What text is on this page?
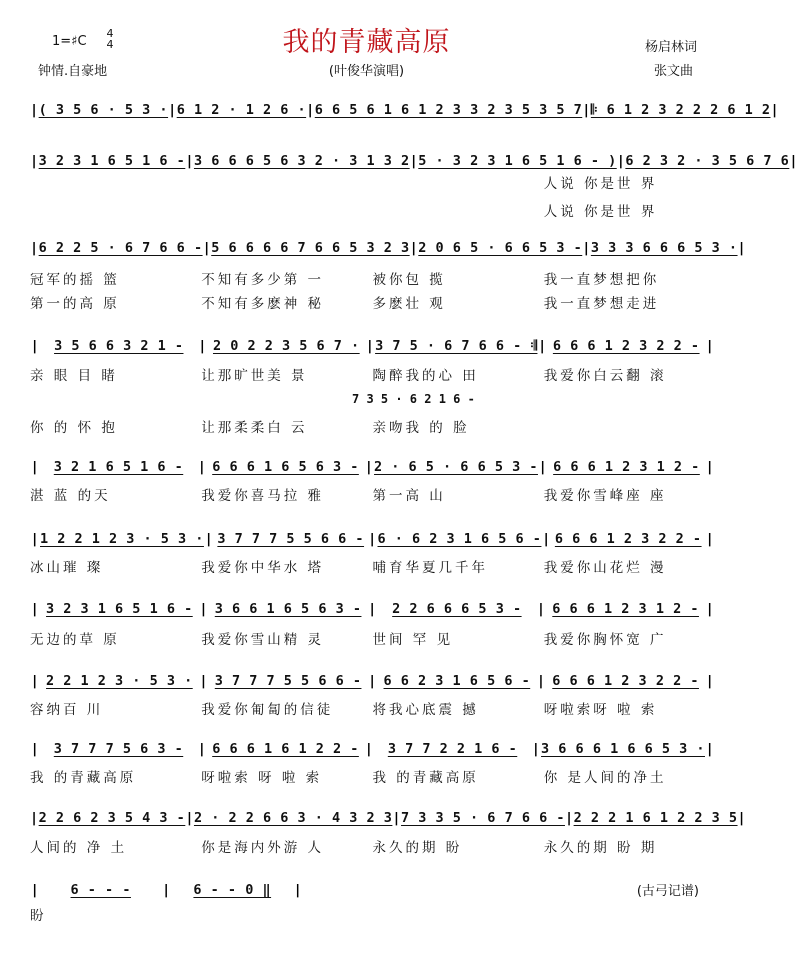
我的青藏高原
1=♯C
4
4
钟情.自豪地	(叶俊华演唱)
杨启林词
张文曲
| ( 3 5 6 · 5 3 · | 6 1 2 · 1 2 6 · | 6 6 5 6 1 6 1 2 3 3 2 3 5 3 5 7 | 𝄆 6 1 2 3 2 2 2 6 1 2 |
| 3 2 3 1 6 5 1 6 - | 3 6 6 6 5 6 3 2 · 3 1 3 2 | 5 · 3 2 3 1 6 5 1 6 - ) | 6 2 3 2 · 3 5 6 7 6 |
| 6 2 2 5 · 6 7 6 6 - | 5 6 6 6 6 7 6 6 5 3 2 3 | 2 0 6 5 · 6 6 5 3 - | 3 3 3 6 6 6 5 3 · |
|	3 5 6 6 3 2 1 -	| 2 0 2 2 3 5 6 7 · | 3 7 5 · 6 7 6 6 - 𝄇 | 6 6 6 1 2 3 2 2 - |
|	3 2 1 6 5 1 6 -	| 6 6 6 1 6 5 6 3 - | 2 · 6 5 · 6 6 5 3 - | 6 6 6 1 2 3 1 2 - |
| 1 2 2 1 2 3 · 5 3 · | 3 7 7 7 5 5 6 6 - | 6 · 6 2 3 1 6 5 6 - | 6 6 6 1 2 3 2 2 - |
| 3 2 3 1 6 5 1 6 - | 3 6 6 1 6 5 6 3 - |	2 2 6 6 6 5 3 -	| 6 6 6 1 2 3 1 2 - |
| 2 2 1 2 3 · 5 3 · | 3 7 7 7 5 5 6 6 - | 6 6 2 3 1 6 5 6 - | 6 6 6 1 2 3 2 2 - |
|	3 7 7 7 5 6 3 -	| 6 6 6 1 6 1 2 2 - |	3 7 7 2 2 1 6 -	| 3 6 6 6 1 6 6 5 3 · |
| 2 2 6 2 3 5 4 3 - | 2 · 2 2 6 6 3 · 4 3 2 3 | 7 3 3 5 · 6 7 6 6 - | 2 2 2 1 6 1 2 2 3 5 |
|	6 - - -	|	6 - - 0 ‖	|
人说 你是世 界
人说 你是世 界
冠军的摇 篮	不知有多少第 一	被你包 揽	我一直梦想把你
第一的高 原	不知有多麽神 秘	多麽壮 观	我一直梦想走进
亲 眼 目 睹	让那旷世美 景	陶醉我的心 田	我爱你白云翻 滚
你 的 怀 抱	让那柔柔白 云	亲吻我 的 脸
湛 蓝 的天	我爱你喜马拉 雅	第一高 山	我爱你雪峰座 座
冰山璀 璨	我爱你中华水 塔	哺育华夏几千年	我爱你山花烂 漫
无边的草 原	我爱你雪山精 灵	世间 罕 见	我爱你胸怀宽 广
容纳百 川	我爱你匍匐的信徒	将我心底震 撼	呀啦索呀 啦 索
我 的青藏高原	呀啦索 呀 啦 索	我 的青藏高原	你 是人间的净土
人间的 净 土	你是海内外游 人	永久的期 盼	永久的期 盼 期
盼
7 3 5 · 6 2 1 6 -
(古弓记谱)
